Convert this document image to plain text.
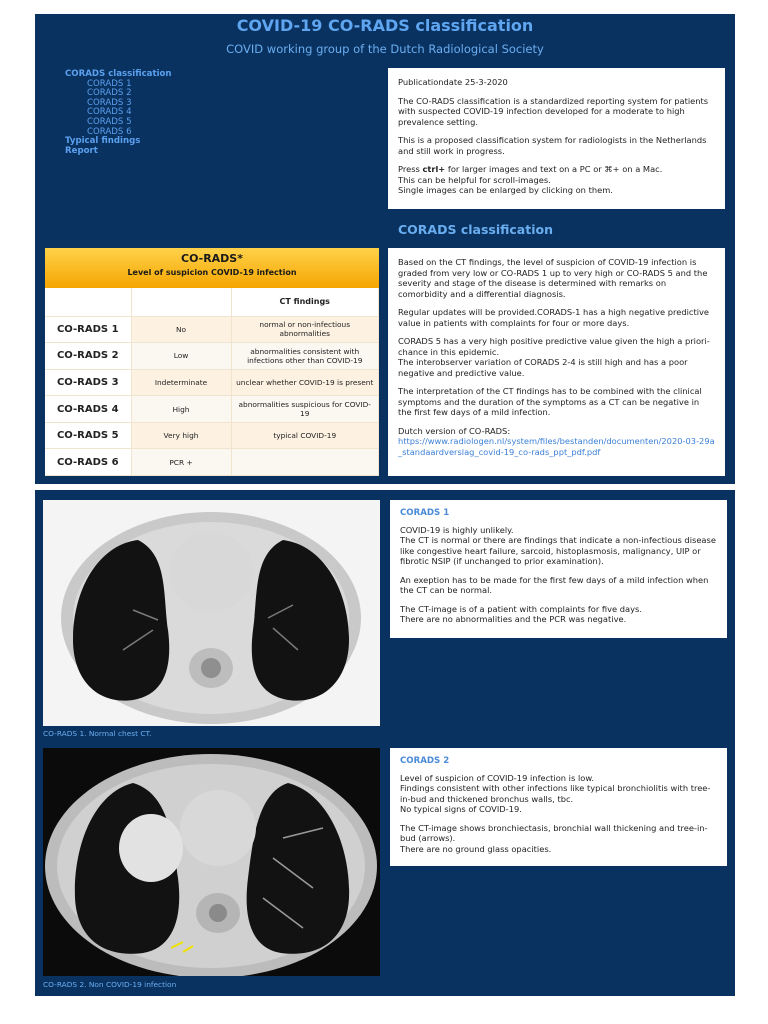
COVID-19 CO-RADS classification
COVID working group of the Dutch Radiological Society
CORADS classification
CORADS 1
CORADS 2
CORADS 3
CORADS 4
CORADS 5
CORADS 6
Typical findings
Report

Publicationdate 25-3-2020

The CO-RADS classification is a standardized reporting system for patients with suspected COVID-19 infection developed for a moderate to high prevalence setting.

This is a proposed classification system for radiologists in the Netherlands and still work in progress.

Press ctrl+ for larger images and text on a PC or ⌘+ on a Mac.

This can be helpful for scroll-images.

Single images can be enlarged by clicking on them.

CORADS classification
CO-RADS*
Level of suspicion COVID-19 infection
		CT findings
CO-RADS 1	No	normal or non-infectious abnormalities
CO-RADS 2	Low	abnormalities consistent with infections other than COVID-19
CO-RADS 3	Indeterminate	unclear whether COVID-19 is present
CO-RADS 4	High	abnormalities suspicious for COVID-19
CO-RADS 5	Very high	typical COVID-19
CO-RADS 6	PCR +	

Based on the CT findings, the level of suspicion of COVID-19 infection is graded from very low or CO-RADS 1 up to very high or CO-RADS 5 and the severity and stage of the disease is determined with remarks on comorbidity and a differential diagnosis.

Regular updates will be provided.CORADS-1 has a high negative predictive value in patients with complaints for four or more days.

CORADS 5 has a very high positive predictive value given the high a priori-chance in this epidemic.

The interobserver variation of CORADS 2-4 is still high and has a poor negative and predictive value.

The interpretation of the CT findings has to be combined with the clinical symptoms and the duration of the symptoms as a CT can be negative in the first few days of a mild infection.

Dutch version of CO-RADS:

https://www.radiologen.nl/system/files/bestanden/documenten/2020-03-29a_standaardverslag_covid-19_co-rads_ppt_pdf.pdf

CO-RADS 1. Normal chest CT.
CORADS 1

COVID-19 is highly unlikely.

The CT is normal or there are findings that indicate a non-infectious disease like congestive heart failure, sarcoid, histoplasmosis, malignancy, UIP or fibrotic NSIP (if unchanged to prior examination).

An exeption has to be made for the first few days of a mild infection when the CT can be normal.

The CT-image is of a patient with complaints for five days.

There are no abnormalities and the PCR was negative.

CO-RADS 2. Non COVID-19 infection
CORADS 2

Level of suspicion of COVID-19 infection is low.

Findings consistent with other infections like typical bronchiolitis with tree-in-bud and thickened bronchus walls, tbc.

No typical signs of COVID-19.

The CT-image shows bronchiectasis, bronchial wall thickening and tree-in-bud (arrows).

There are no ground glass opacities.
